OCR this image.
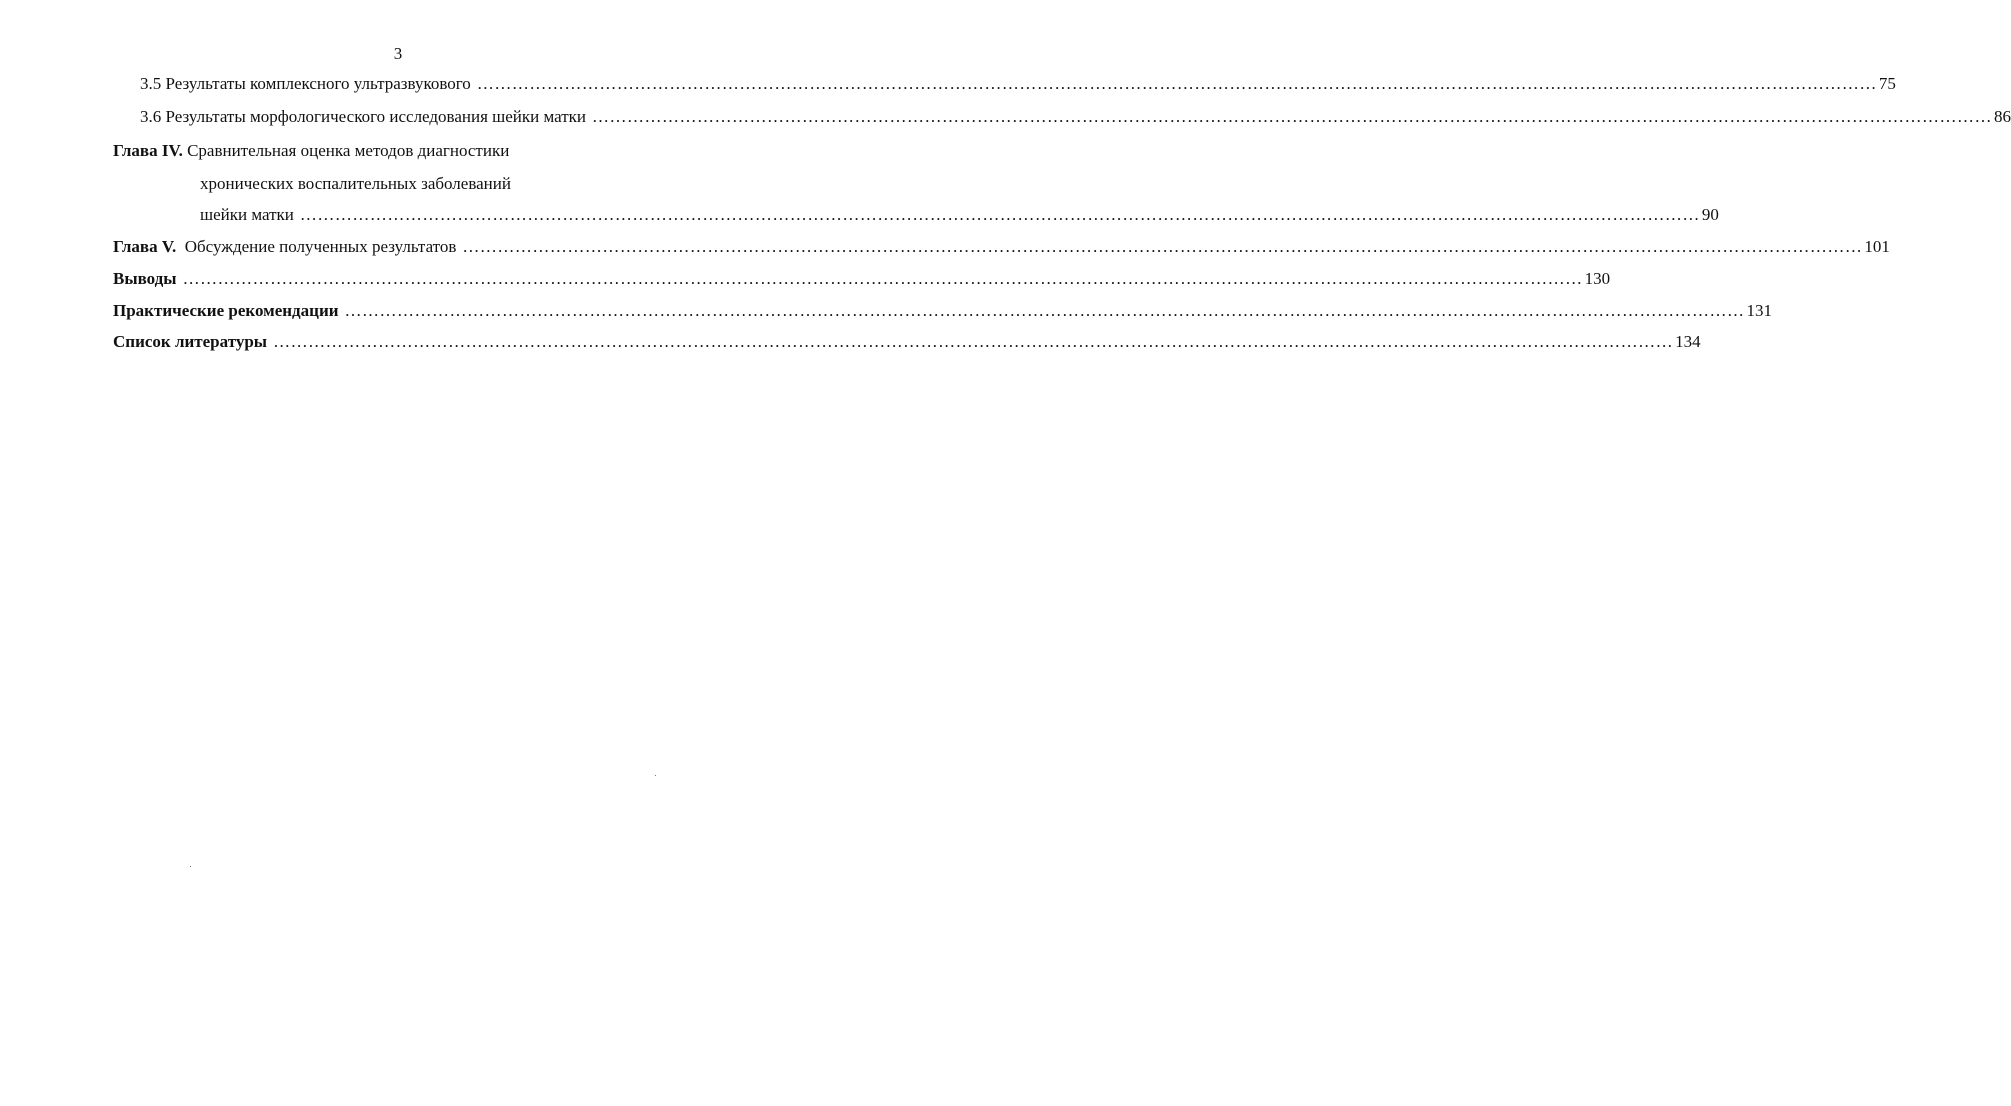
3
3.5 Результаты комплексного ультразвукового …………………………………………………………………………………………………………………………………………………………………………………………………………………… 75
3.6 Результаты морфологического исследования шейки матки …………………………………………………………………………………………………………………………………………………………………………………………………………………… 86
Глава IV. Сравнительная оценка методов диагностики
хронических воспалительных заболеваний
шейки матки …………………………………………………………………………………………………………………………………………………………………………………………………………………… 90
Глава V. Обсуждение полученных результатов …………………………………………………………………………………………………………………………………………………………………………………………………………………… 101
Выводы …………………………………………………………………………………………………………………………………………………………………………………………………………………… 130
Практические рекомендации …………………………………………………………………………………………………………………………………………………………………………………………………………………… 131
Список литературы …………………………………………………………………………………………………………………………………………………………………………………………………………………… 134
